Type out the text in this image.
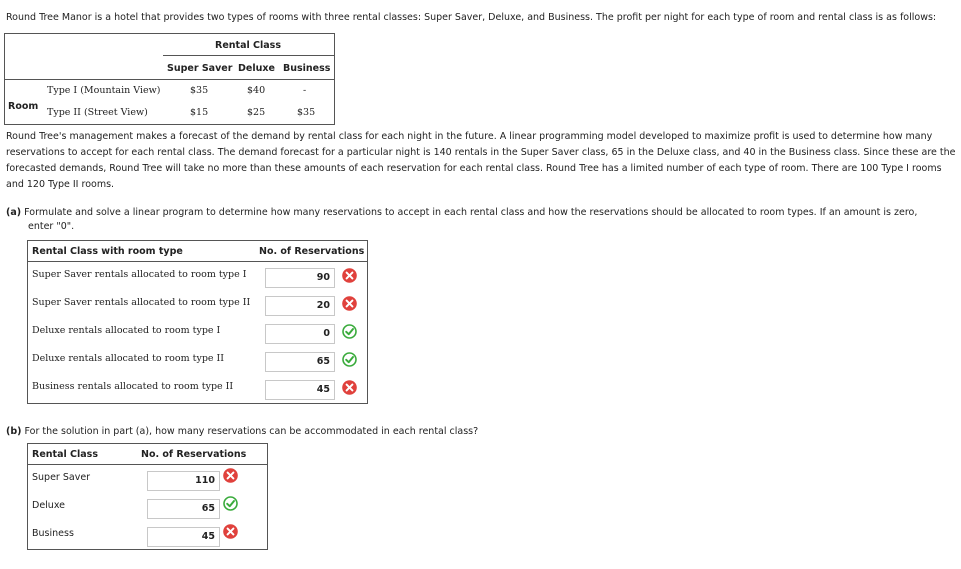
Round Tree Manor is a hotel that provides two types of rooms with three rental classes: Super Saver, Deluxe, and Business. The profit per night for each type of room and rental class is as follows:

Rental Class
Super Saver Deluxe Business
Room
Type I (Mountain View)	$35	$40	-
Type II (Street View)	$15	$25	$35

Round Tree's management makes a forecast of the demand by rental class for each night in the future. A linear programming model developed to maximize profit is used to determine how many reservations to accept for each rental class. The demand forecast for a particular night is 140 rentals in the Super Saver class, 65 in the Deluxe class, and 40 in the Business class. Since these are the forecasted demands, Round Tree will take no more than these amounts of each reservation for each rental class. Round Tree has a limited number of each type of room. There are 100 Type I rooms and 120 Type II rooms.

(a) Formulate and solve a linear program to determine how many reservations to accept in each rental class and how the reservations should be allocated to room types. If an amount is zero,

enter "0".

Rental Class with room type	No. of Reservations
Super Saver rentals allocated to room type I	90
Super Saver rentals allocated to room type II	20
Deluxe rentals allocated to room type I	0
Deluxe rentals allocated to room type II	65
Business rentals allocated to room type II	45

(b) For the solution in part (a), how many reservations can be accommodated in each rental class?

Rental Class	No. of Reservations
Super Saver	110
Deluxe	65
Business	45
